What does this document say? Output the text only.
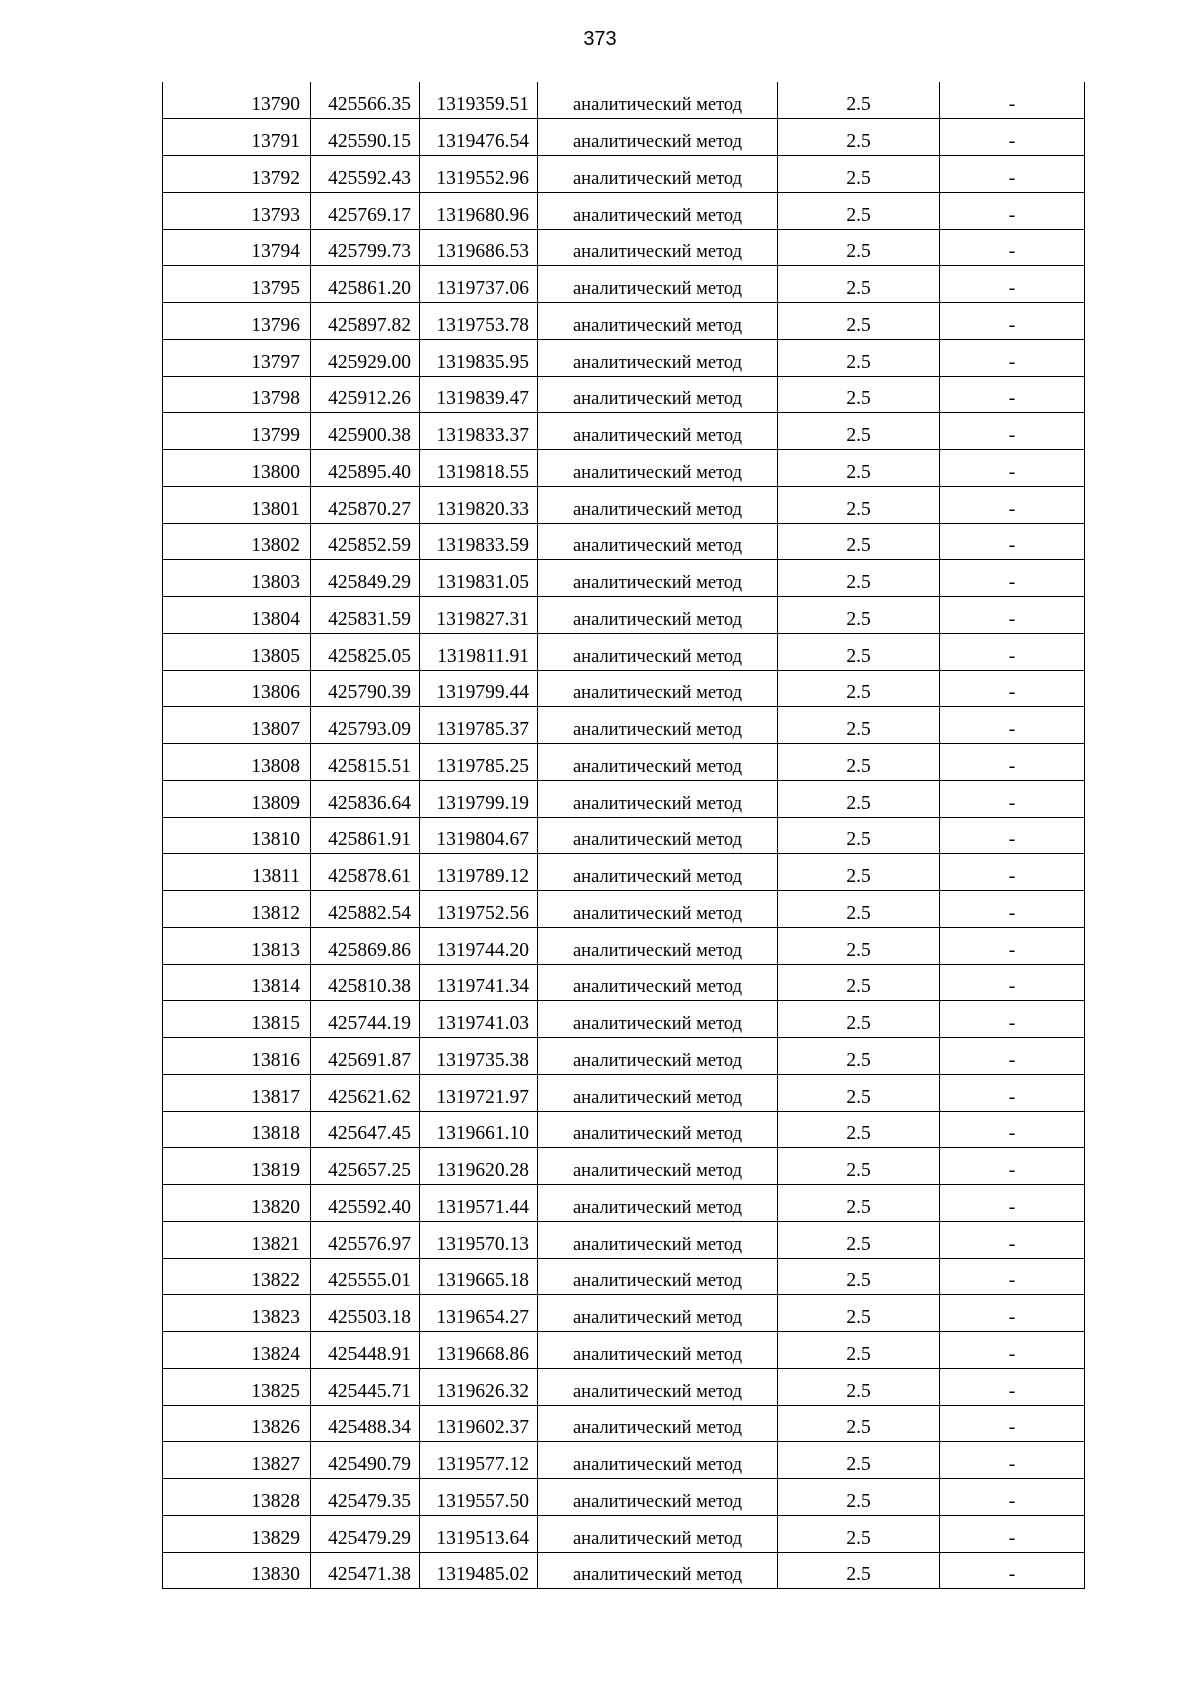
373
13790	425566.35	1319359.51	аналитический метод	2.5	-
13791	425590.15	1319476.54	аналитический метод	2.5	-
13792	425592.43	1319552.96	аналитический метод	2.5	-
13793	425769.17	1319680.96	аналитический метод	2.5	-
13794	425799.73	1319686.53	аналитический метод	2.5	-
13795	425861.20	1319737.06	аналитический метод	2.5	-
13796	425897.82	1319753.78	аналитический метод	2.5	-
13797	425929.00	1319835.95	аналитический метод	2.5	-
13798	425912.26	1319839.47	аналитический метод	2.5	-
13799	425900.38	1319833.37	аналитический метод	2.5	-
13800	425895.40	1319818.55	аналитический метод	2.5	-
13801	425870.27	1319820.33	аналитический метод	2.5	-
13802	425852.59	1319833.59	аналитический метод	2.5	-
13803	425849.29	1319831.05	аналитический метод	2.5	-
13804	425831.59	1319827.31	аналитический метод	2.5	-
13805	425825.05	1319811.91	аналитический метод	2.5	-
13806	425790.39	1319799.44	аналитический метод	2.5	-
13807	425793.09	1319785.37	аналитический метод	2.5	-
13808	425815.51	1319785.25	аналитический метод	2.5	-
13809	425836.64	1319799.19	аналитический метод	2.5	-
13810	425861.91	1319804.67	аналитический метод	2.5	-
13811	425878.61	1319789.12	аналитический метод	2.5	-
13812	425882.54	1319752.56	аналитический метод	2.5	-
13813	425869.86	1319744.20	аналитический метод	2.5	-
13814	425810.38	1319741.34	аналитический метод	2.5	-
13815	425744.19	1319741.03	аналитический метод	2.5	-
13816	425691.87	1319735.38	аналитический метод	2.5	-
13817	425621.62	1319721.97	аналитический метод	2.5	-
13818	425647.45	1319661.10	аналитический метод	2.5	-
13819	425657.25	1319620.28	аналитический метод	2.5	-
13820	425592.40	1319571.44	аналитический метод	2.5	-
13821	425576.97	1319570.13	аналитический метод	2.5	-
13822	425555.01	1319665.18	аналитический метод	2.5	-
13823	425503.18	1319654.27	аналитический метод	2.5	-
13824	425448.91	1319668.86	аналитический метод	2.5	-
13825	425445.71	1319626.32	аналитический метод	2.5	-
13826	425488.34	1319602.37	аналитический метод	2.5	-
13827	425490.79	1319577.12	аналитический метод	2.5	-
13828	425479.35	1319557.50	аналитический метод	2.5	-
13829	425479.29	1319513.64	аналитический метод	2.5	-
13830	425471.38	1319485.02	аналитический метод	2.5	-
